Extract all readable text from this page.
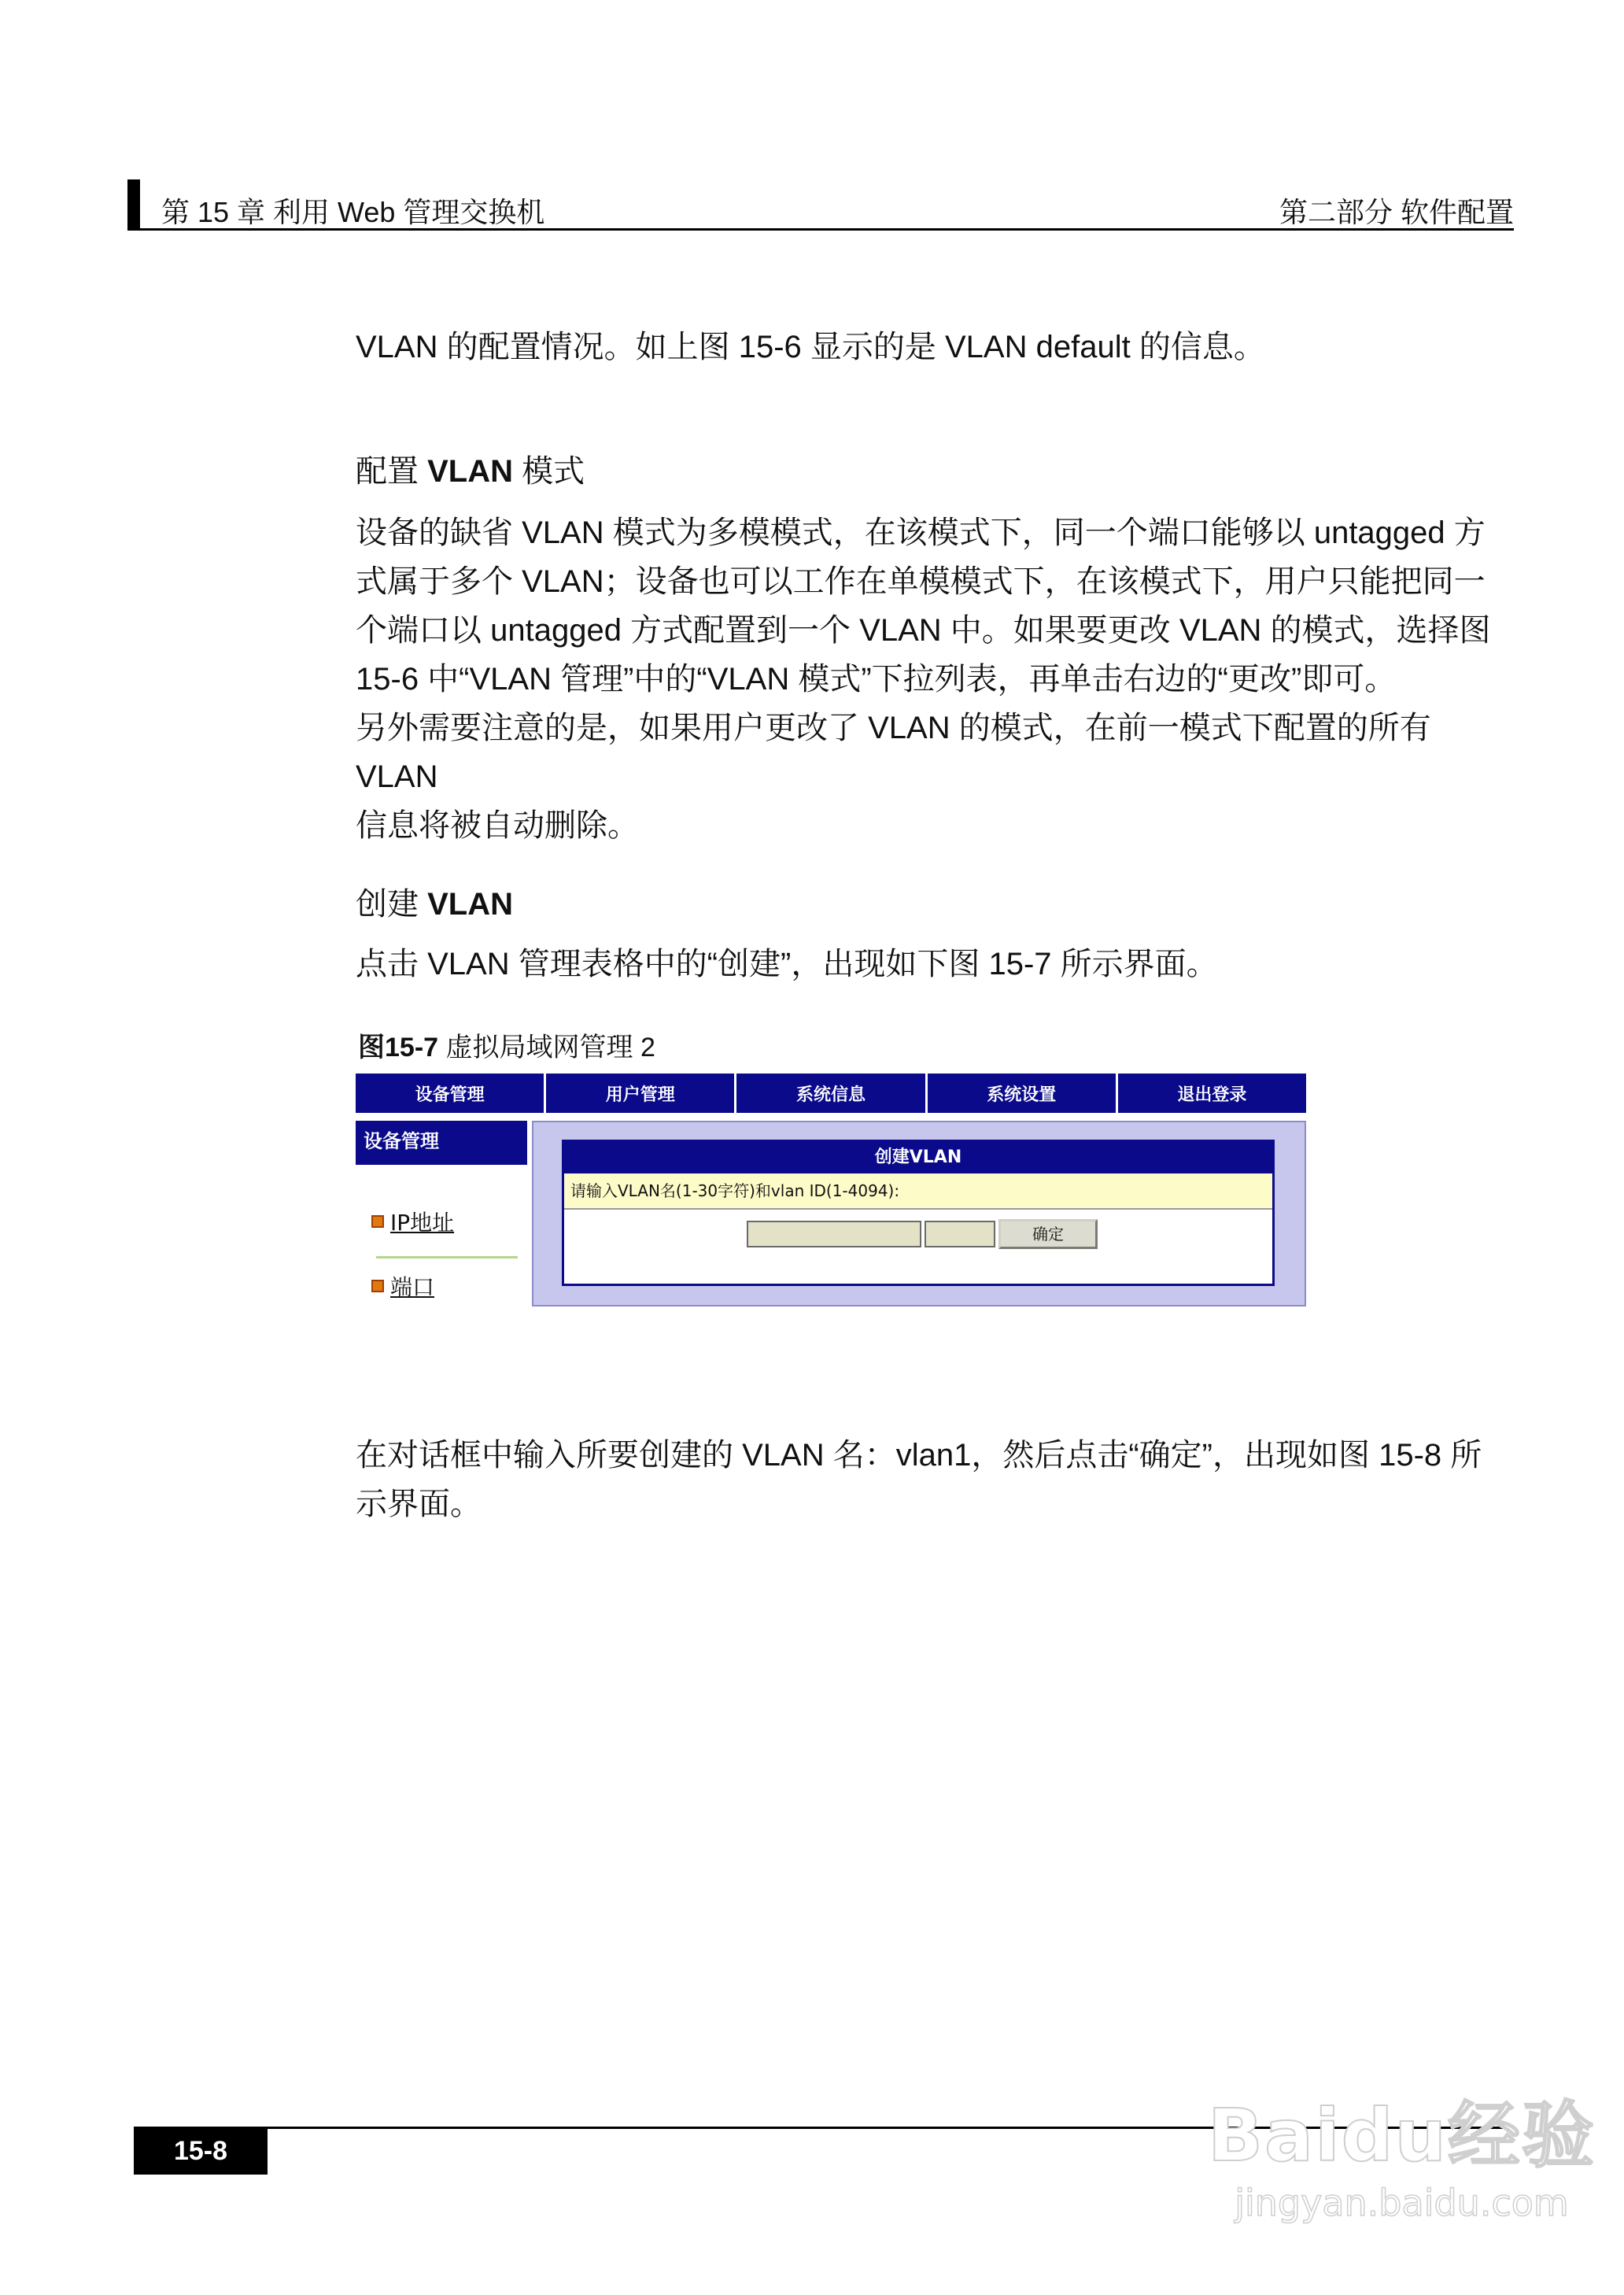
第 15 章 利用 Web 管理交换机	第二部分 软件配置
VLAN 的配置情况。如上图 15-6 显示的是 VLAN default 的信息。
配置 VLAN 模式
设备的缺省 VLAN 模式为多模模式，在该模式下，同一个端口能够以 untagged 方
式属于多个 VLAN；设备也可以工作在单模模式下，在该模式下，用户只能把同一
个端口以 untagged 方式配置到一个 VLAN 中。如果要更改 VLAN 的模式，选择图
15-6 中“VLAN 管理”中的“VLAN 模式”下拉列表，再单击右边的“更改”即可。
另外需要注意的是，如果用户更改了 VLAN 的模式，在前一模式下配置的所有 VLAN
信息将被自动删除。
创建 VLAN
点击 VLAN 管理表格中的“创建”，出现如下图 15-7 所示界面。
图15-7 虚拟局域网管理 2
设备管理	用户管理	系统信息	系统设置	退出登录
设备管理
IP地址
端口
创建VLAN
请输入VLAN名(1-30字符)和vlan ID(1-4094):
确定
在对话框中输入所要创建的 VLAN 名：vlan1，然后点击“确定”，出现如图 15-8 所
示界面。
15-8	Baidu经验
jingyan.baidu.com
